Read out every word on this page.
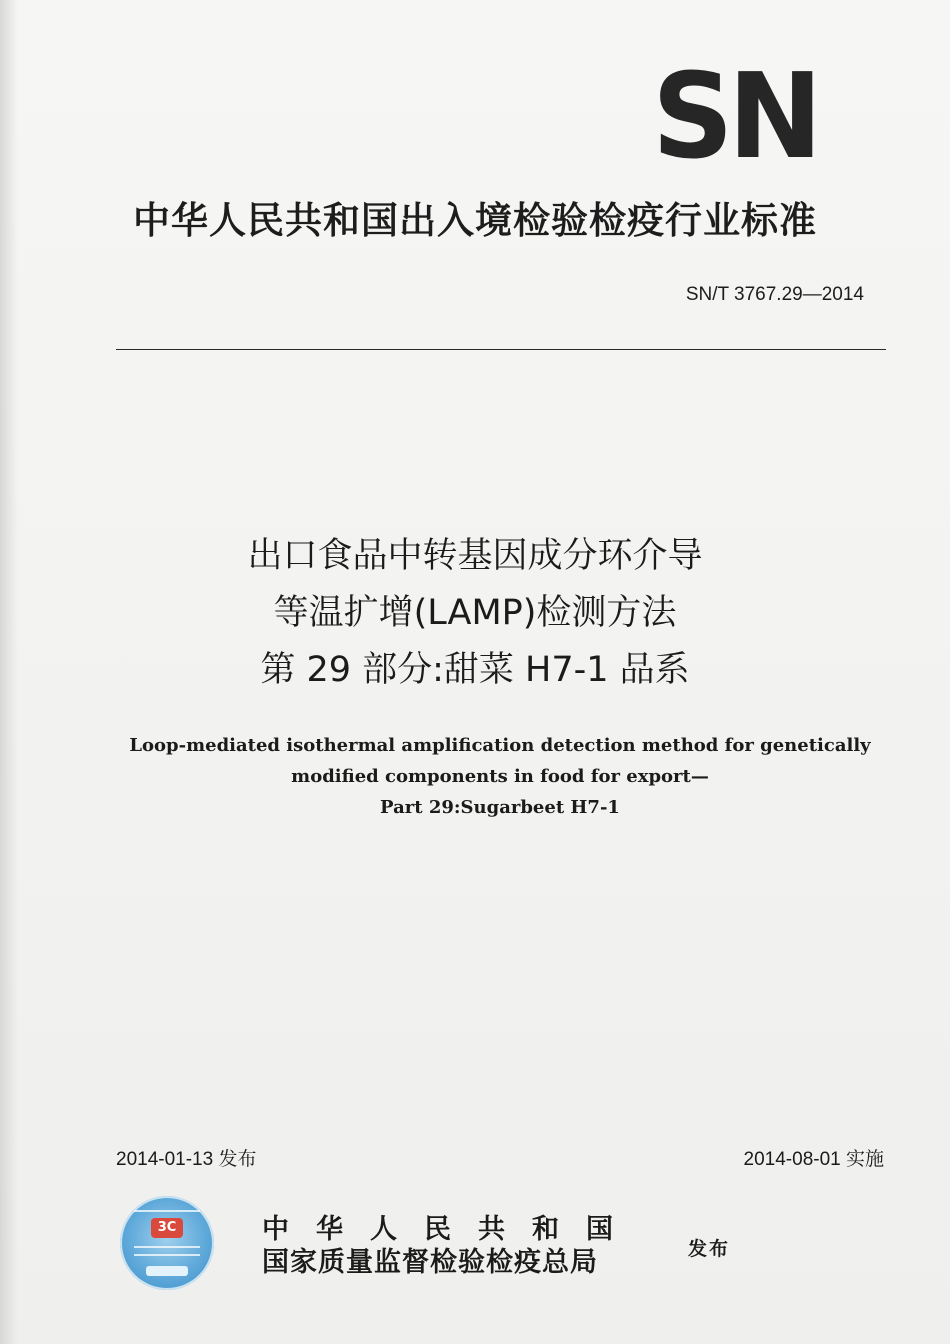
SN
中华人民共和国出入境检验检疫行业标准
SN/T 3767.29—2014
出口食品中转基因成分环介导
等温扩增(LAMP)检测方法
第 29 部分:甜菜 H7-1 品系
Loop-mediated isothermal amplification detection method for genetically
modified components in food for export—
Part 29:Sugarbeet H7-1
2014-01-13 发布	2014-08-01 实施
3C	中华人民共和国
国家质量监督检验检疫总局	发布
